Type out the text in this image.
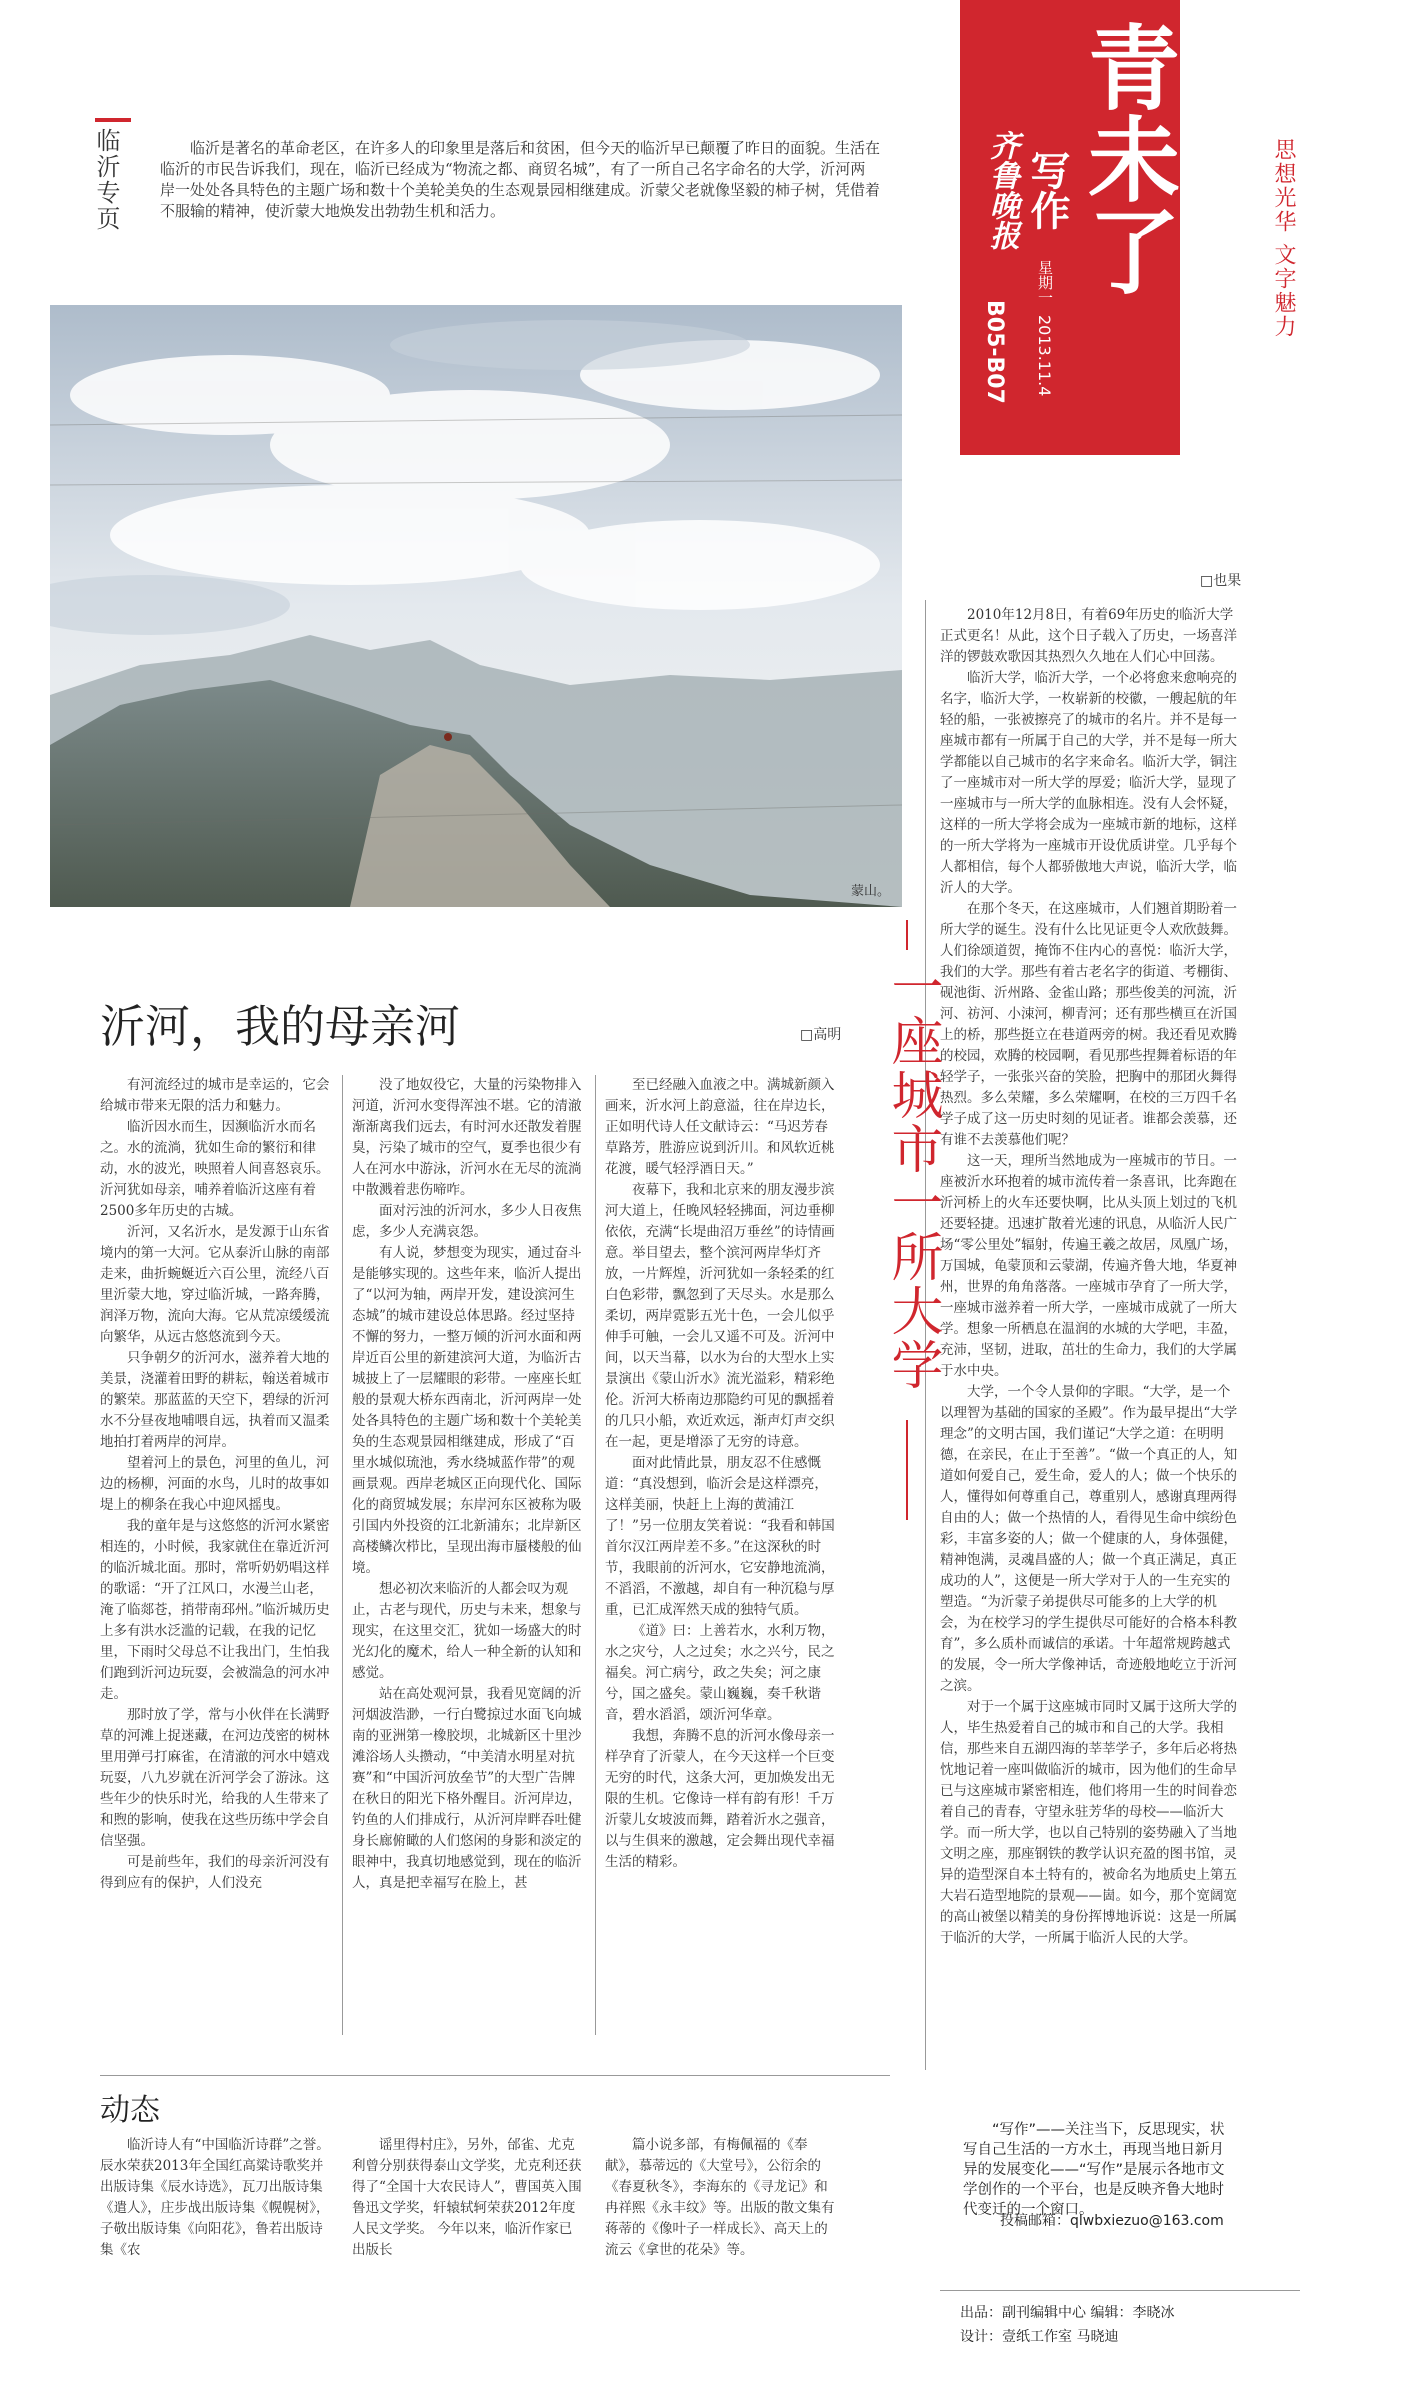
临沂专页	临沂是著名的革命老区，在许多人的印象里是落后和贫困，但今天的临沂早已颠覆了昨日的面貌。生活在临沂的市民告诉我们，现在，临沂已经成为“物流之都、商贸名城”，有了一所自己名字命名的大学，沂河两岸一处处各具特色的主题广场和数十个美轮美奂的生态观景园相继建成。沂蒙父老就像坚毅的柿子树，凭借着不服输的精神，使沂蒙大地焕发出勃勃生机和活力。
蒙山。
青未了
齐鲁晚报 写作
星期一
2013.11.4
B05-B07
思想光华 文字魅力
□也果
一座城市一所大学

2010年12月8日，有着69年历史的临沂大学正式更名！从此，这个日子载入了历史，一场喜洋洋的锣鼓欢歌因其热烈久久地在人们心中回荡。

临沂大学，临沂大学，一个必将愈来愈响亮的名字，临沂大学，一枚崭新的校徽，一艘起航的年轻的船，一张被擦亮了的城市的名片。并不是每一座城市都有一所属于自己的大学，并不是每一所大学都能以自己城市的名字来命名。临沂大学，铜注了一座城市对一所大学的厚爱；临沂大学，显现了一座城市与一所大学的血脉相连。没有人会怀疑，这样的一所大学将会成为一座城市新的地标，这样的一所大学将为一座城市开设优质讲堂。几乎每个人都相信，每个人都骄傲地大声说，临沂大学，临沂人的大学。

在那个冬天，在这座城市，人们翘首期盼着一所大学的诞生。没有什么比见证更令人欢欣鼓舞。人们徐颂道贺，掩饰不住内心的喜悦：临沂大学，我们的大学。那些有着古老名字的街道、考棚街、砚池街、沂州路、金雀山路；那些俊美的河流，沂河、祊河、小涑河，柳青河；还有那些横亘在沂国上的桥，那些挺立在巷道两旁的树。我还看见欢腾的校园，欢腾的校园啊，看见那些捏舞着标语的年轻学子，一张张兴奋的笑脸，把胸中的那团火舞得热烈。多么荣耀，多么荣耀啊，在校的三万四千名学子成了这一历史时刻的见证者。谁都会羡慕，还有谁不去羡慕他们呢？

这一天，理所当然地成为一座城市的节日。一座被沂水环抱着的城市流传着一条喜讯，比奔跑在沂河桥上的火车还要快啊，比从头顶上划过的飞机还要轻捷。迅速扩散着光速的讯息，从临沂人民广场“零公里处”辐射，传遍王羲之故居，凤凰广场，万国城，龟蒙顶和云蒙湖，传遍齐鲁大地，华夏神州，世界的角角落落。一座城市孕育了一所大学，一座城市滋养着一所大学，一座城市成就了一所大学。想象一所栖息在温润的水城的大学吧，丰盈，充沛，坚韧，进取，茁壮的生命力，我们的大学属于水中央。

大学，一个令人景仰的字眼。“大学，是一个以理智为基础的国家的圣殿”。作为最早提出“大学理念”的文明古国，我们谨记“大学之道：在明明德，在亲民，在止于至善”。“做一个真正的人，知道如何爱自己，爱生命，爱人的人；做一个快乐的人，懂得如何尊重自己，尊重别人，感谢真理两得自由的人；做一个热情的人，看得见生命中缤纷色彩，丰富多姿的人；做一个健康的人，身体强健，精神饱满，灵魂昌盛的人；做一个真正满足，真正成功的人”，这便是一所大学对于人的一生充实的塑造。“为沂蒙子弟提供尽可能多的上大学的机会，为在校学习的学生提供尽可能好的合格本科教育”，多么质朴而诚信的承诺。十年超常规跨越式的发展，令一所大学像神话，奇迹般地屹立于沂河之滨。

对于一个属于这座城市同时又属于这所大学的人，毕生热爱着自己的城市和自己的大学。我相信，那些来自五湖四海的莘莘学子，多年后必将热忱地记着一座叫做临沂的城市，因为他们的生命早已与这座城市紧密相连，他们将用一生的时间眷恋着自己的青春，守望永驻芳华的母校——临沂大学。而一所大学，也以自己特别的姿势融入了当地文明之座，那座钢铁的教学认识充盈的图书馆，灵异的造型深自本土特有的，被命名为地质史上第五大岩石造型地院的景观——崮。如今，那个宽阔宽的高山被堡以精美的身份挥博地诉说：这是一所属于临沂的大学，一所属于临沂人民的大学。

沂河，我的母亲河	□高明

有河流经过的城市是幸运的，它会给城市带来无限的活力和魅力。

临沂因水而生，因濒临沂水而名之。水的流淌，犹如生命的繁衍和律动，水的波光，映照着人间喜怒哀乐。沂河犹如母亲，哺养着临沂这座有着2500多年历史的古城。

沂河，又名沂水，是发源于山东省境内的第一大河。它从泰沂山脉的南部走来，曲折蜿蜒近六百公里，流经八百里沂蒙大地，穿过临沂城，一路奔腾，润泽万物，流向大海。它从荒凉缓缓流向繁华，从远古悠悠流到今天。

只争朝夕的沂河水，滋养着大地的美景，浇灌着田野的耕耘，翰送着城市的繁荣。那蓝蓝的天空下，碧绿的沂河水不分昼夜地哺喂自远，执着而又温柔地拍打着两岸的河岸。

望着河上的景色，河里的鱼儿，河边的杨柳，河面的水鸟，儿时的故事如堤上的柳条在我心中迎风摇曳。

我的童年是与这悠悠的沂河水紧密相连的，小时候，我家就住在靠近沂河的临沂城北面。那时，常听奶奶唱这样的歌谣：“开了江风口，水漫兰山老，淹了临郯苍，捎带南邳州。”临沂城历史上多有洪水泛滥的记载，在我的记忆里，下雨时父母总不让我出门，生怕我们跑到沂河边玩耍，会被湍急的河水冲走。

那时放了学，常与小伙伴在长满野草的河滩上捉迷藏，在河边茂密的树林里用弹弓打麻雀，在清澈的河水中嬉戏玩耍，八九岁就在沂河学会了游泳。这些年少的快乐时光，给我的人生带来了和煦的影响，使我在这些历练中学会自信坚强。

可是前些年，我们的母亲沂河没有得到应有的保护，人们没充

没了地奴役它，大量的污染物排入河道，沂河水变得浑浊不堪。它的清澈渐渐离我们远去，有时河水还散发着腥臭，污染了城市的空气，夏季也很少有人在河水中游泳，沂河水在无尽的流淌中散溅着悲伤啼咋。

面对污浊的沂河水，多少人日夜焦虑，多少人充满哀怨。

有人说，梦想变为现实，通过奋斗是能够实现的。这些年来，临沂人提出了“以河为轴，两岸开发，建设滨河生态城”的城市建设总体思路。经过坚持不懈的努力，一整万倾的沂河水面和两岸近百公里的新建滨河大道，为临沂古城披上了一层耀眼的彩带。一座座长虹般的景观大桥东西南北，沂河两岸一处处各具特色的主题广场和数十个美轮美奂的生态观景园相继建成，形成了“百里水城似琉池，秀水绕城蓝作带”的观画景观。西岸老城区正向现代化、国际化的商贸城发展；东岸河东区被称为吸引国内外投资的江北新浦东；北岸新区高楼鳞次栉比，呈现出海市蜃楼般的仙境。

想必初次来临沂的人都会叹为观止，古老与现代，历史与未来，想象与现实，在这里交汇，犹如一场盛大的时光幻化的魔术，给人一种全新的认知和感觉。

站在高处观河景，我看见宽阔的沂河烟波浩渺，一行白鹭掠过水面飞向城南的亚洲第一橡胶坝，北城新区十里沙滩浴场人头攒动，“中美清水明星对抗赛”和“中国沂河放垒节”的大型广告牌在秋日的阳光下格外醒目。沂河岸边，钓鱼的人们排成行，从沂河岸畔吞吐健身长廊俯瞰的人们悠闲的身影和淡定的眼神中，我真切地感觉到，现在的临沂人，真是把幸福写在脸上，甚

至已经融入血液之中。满城新颜入画来，沂水河上韵意溢，往在岸边长，正如明代诗人任文献诗云：“马迟芳春草路芳，胜游应说到沂川。和风软近桃花渡，暖气轻浮酒日天。”

夜幕下，我和北京来的朋友漫步滨河大道上，任晚风轻轻拂面，河边垂柳依依，充满“长堤曲沼万垂丝”的诗情画意。举目望去，整个滨河两岸华灯齐放，一片辉煌，沂河犹如一条轻柔的红白色彩带，飘忽到了天尽头。水是那么柔切，两岸霓影五光十色，一会儿似乎伸手可触，一会儿又遥不可及。沂河中间，以天当幕，以水为台的大型水上实景演出《蒙山沂水》流光溢彩，精彩绝伦。沂河大桥南边那隐约可见的飘摇着的几只小船，欢近欢远，渐声灯声交织在一起，更是增添了无穷的诗意。

面对此情此景，朋友忍不住感慨道：“真没想到，临沂会是这样漂亮，这样美丽，快赶上上海的黄浦江了！”另一位朋友笑着说：“我看和韩国首尔汉江两岸差不多。”在这深秋的时节，我眼前的沂河水，它安静地流淌，不滔滔，不激越，却自有一种沉稳与厚重，已汇成浑然天成的独特气质。

《道》曰：上善若水，水利万物，水之灾兮，人之过矣；水之兴兮，民之福矣。河亡病兮，政之失矣；河之康兮，国之盛矣。蒙山巍巍，奏千秋谐音，碧水滔滔，颂沂河华章。

我想，奔腾不息的沂河水像母亲一样孕育了沂蒙人，在今天这样一个巨变无穷的时代，这条大河，更加焕发出无限的生机。它像诗一样有韵有形！千万沂蒙儿女坡波而舞，踏着沂水之强音，以与生俱来的激越，定会舞出现代幸福生活的精彩。

动态

临沂诗人有“中国临沂诗群”之誉。辰水荣获2013年全国红高粱诗歌奖并出版诗集《辰水诗选》，瓦刀出版诗集《遣人》，庄步战出版诗集《幌幌树》，子敬出版诗集《向阳花》，鲁若出版诗集《农

谣里得村庄》，另外，邰雀、尤克利曾分别获得泰山文学奖，尤克利还获得了“全国十大农民诗人”，曹国英入围鲁迅文学奖，轩辕轼轲荣获2012年度人民文学奖。 今年以来，临沂作家已出版长

篇小说多部，有梅佩福的《奉献》，慕蒂远的《大堂号》，公衍余的《春夏秋冬》，李海东的《寻龙记》和冉祥熙《永丰纹》等。出版的散文集有蒋蒂的《像叶子一样成长》、高天上的流云《拿世的花朵》等。

“写作”——关注当下，反思现实，状写自己生活的一方水土，再现当地日新月异的发展变化——“写作”是展示各地市文学创作的一个平台，也是反映齐鲁大地时代变迁的一个窗口。

投稿邮箱：qlwbxiezuo@163.com
出品：副刊编辑中心 编辑：李晓冰
设计：壹纸工作室 马晓迪
